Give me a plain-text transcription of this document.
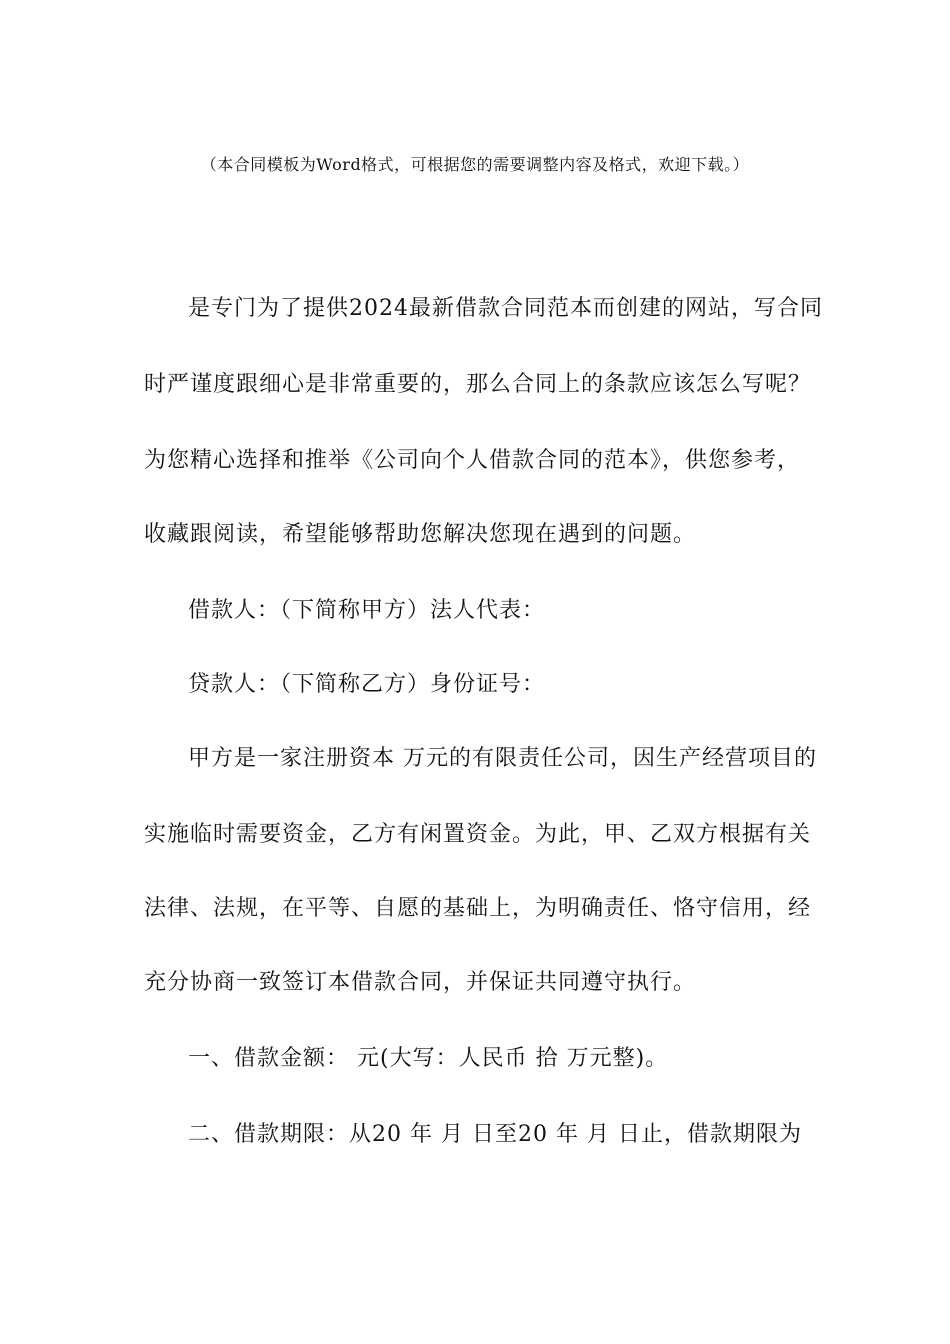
（本合同模板为Word格式，可根据您的需要调整内容及格式，欢迎下载。）
是专门为了提供2024最新借款合同范本而创建的网站，写合同
时严谨度跟细心是非常重要的，那么合同上的条款应该怎么写呢？
为您精心选择和推举《公司向个人借款合同的范本》，供您参考，
收藏跟阅读，希望能够帮助您解决您现在遇到的问题。
借款人：（下简称甲方）法人代表：
贷款人：（下简称乙方）身份证号：
甲方是一家注册资本 万元的有限责任公司，因生产经营项目的
实施临时需要资金，乙方有闲置资金。为此，甲、乙双方根据有关
法律、法规，在平等、自愿的基础上，为明确责任、恪守信用，经
充分协商一致签订本借款合同，并保证共同遵守执行。
一、借款金额： 元(大写：人民币 拾 万元整)。
二、借款期限：从20 年 月 日至20 年 月 日止，借款期限为
